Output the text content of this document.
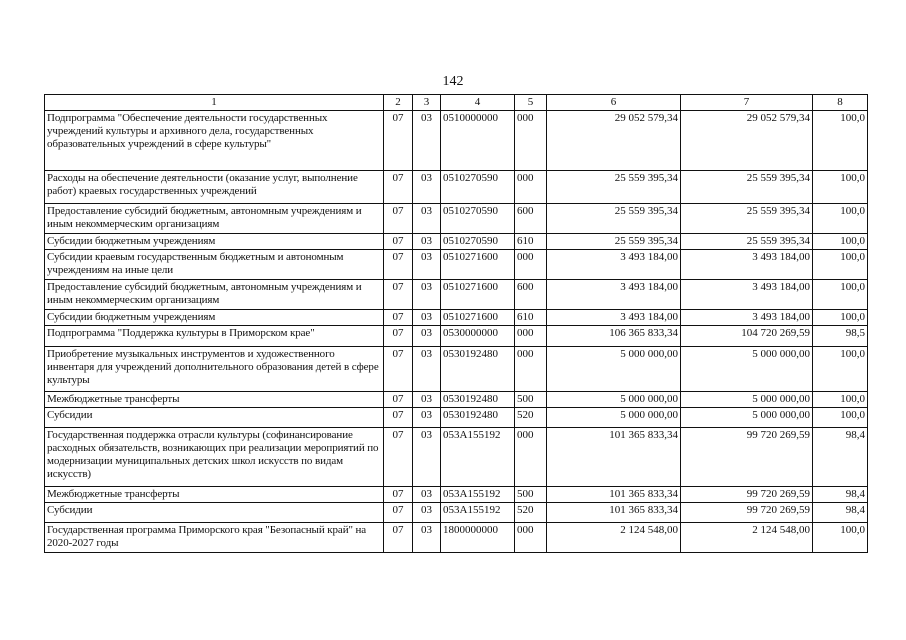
142
1	2	3	4	5	6	7	8
Подпрограмма "Обеспечение деятельности государственных учреждений культуры и архивного дела, государственных образовательных учреждений в сфере культуры"	07	03	0510000000	000	29 052 579,34	29 052 579,34	100,0
Расходы на обеспечение деятельности (оказание услуг, выполнение работ) краевых государственных учреждений	07	03	0510270590	000	25 559 395,34	25 559 395,34	100,0
Предоставление субсидий бюджетным, автономным учреждениям и иным некоммерческим организациям	07	03	0510270590	600	25 559 395,34	25 559 395,34	100,0
Субсидии бюджетным учреждениям	07	03	0510270590	610	25 559 395,34	25 559 395,34	100,0
Субсидии краевым государственным бюджетным и автономным учреждениям на иные цели	07	03	0510271600	000	3 493 184,00	3 493 184,00	100,0
Предоставление субсидий бюджетным, автономным учреждениям и иным некоммерческим организациям	07	03	0510271600	600	3 493 184,00	3 493 184,00	100,0
Субсидии бюджетным учреждениям	07	03	0510271600	610	3 493 184,00	3 493 184,00	100,0
Подпрограмма "Поддержка культуры в Приморском крае"	07	03	0530000000	000	106 365 833,34	104 720 269,59	98,5
Приобретение музыкальных инструментов и художественного инвентаря для учреждений дополнительного образования детей в сфере культуры	07	03	0530192480	000	5 000 000,00	5 000 000,00	100,0
Межбюджетные трансферты	07	03	0530192480	500	5 000 000,00	5 000 000,00	100,0
Субсидии	07	03	0530192480	520	5 000 000,00	5 000 000,00	100,0
Государственная поддержка отрасли культуры (софинансирование расходных обязательств, возникающих при реализации мероприятий по модернизации муниципальных детских школ искусств по видам искусств)	07	03	053A155192	000	101 365 833,34	99 720 269,59	98,4
Межбюджетные трансферты	07	03	053A155192	500	101 365 833,34	99 720 269,59	98,4
Субсидии	07	03	053A155192	520	101 365 833,34	99 720 269,59	98,4
Государственная программа Приморского края "Безопасный край" на 2020-2027 годы	07	03	1800000000	000	2 124 548,00	2 124 548,00	100,0
